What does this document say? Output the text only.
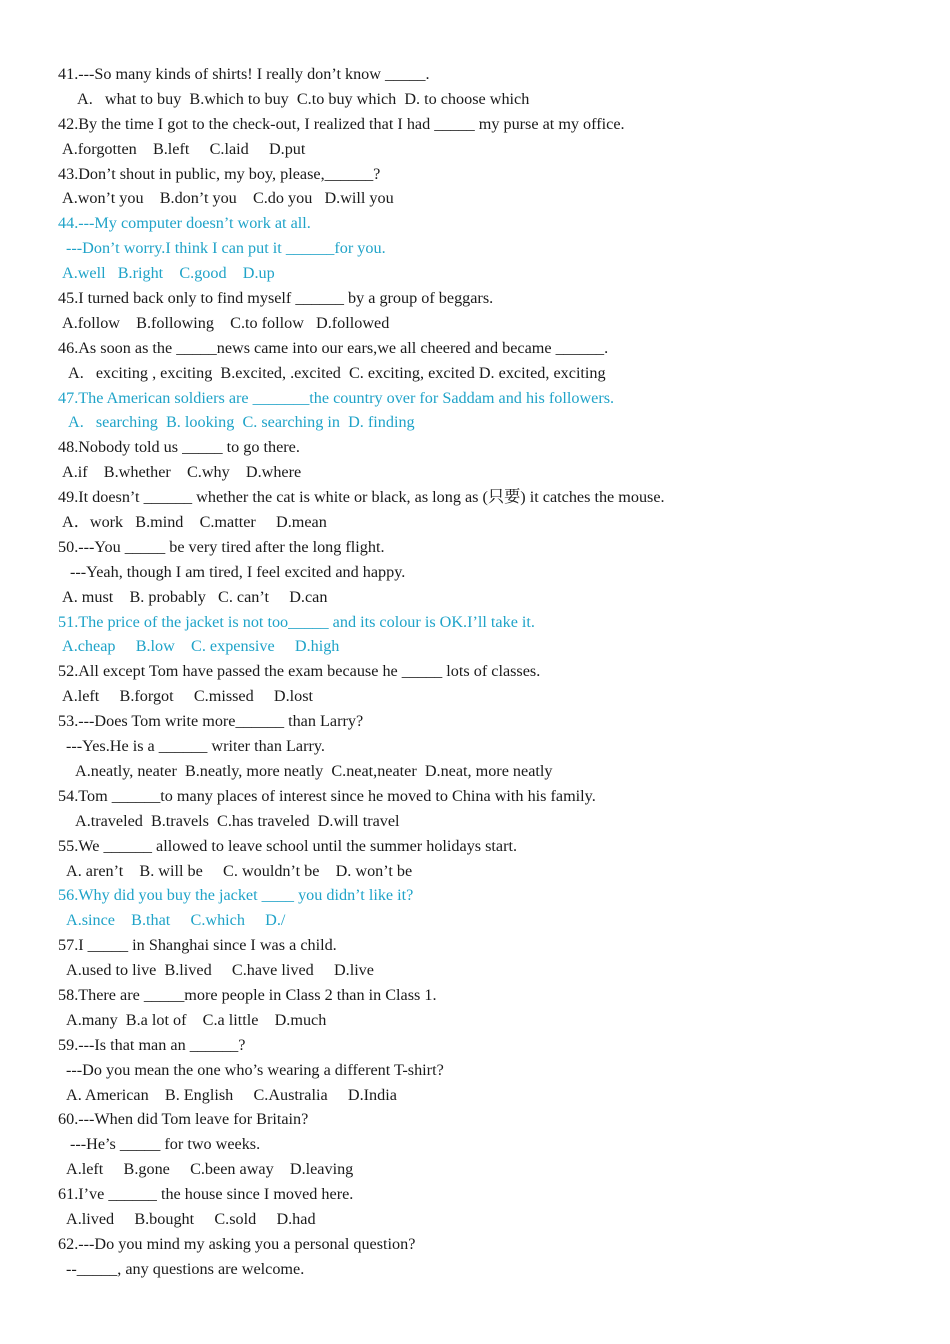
41.---So many kinds of shirts! I really don’t know _____.
A.   what to buy  B.which to buy  C.to buy which  D. to choose which
42.By the time I got to the check-out, I realized that I had _____ my purse at my office.
A.forgotten    B.left     C.laid     D.put
43.Don’t shout in public, my boy, please,______?
A.won’t you    B.don’t you    C.do you   D.will you
44.---My computer doesn’t work at all.
---Don’t worry.I think I can put it ______for you.
A.well   B.right    C.good    D.up
45.I turned back only to find myself ______ by a group of beggars.
A.follow    B.following    C.to follow   D.followed
46.As soon as the _____news came into our ears,we all cheered and became ______.
A.   exciting , exciting  B.excited, .excited  C. exciting, excited D. excited, exciting
47.The American soldiers are _______the country over for Saddam and his followers.
A.   searching  B. looking  C. searching in  D. finding
48.Nobody told us _____ to go there.
A.if    B.whether    C.why    D.where
49.It doesn’t ______ whether the cat is white or black, as long as (只要) it catches the mouse.
A．work   B.mind    C.matter     D.mean
50.---You _____ be very tired after the long flight.
---Yeah, though I am tired, I feel excited and happy.
A. must    B. probably   C. can’t     D.can
51.The price of the jacket is not too_____ and its colour is OK.I’ll take it.
A.cheap     B.low    C. expensive     D.high
52.All except Tom have passed the exam because he _____ lots of classes.
A.left     B.forgot     C.missed     D.lost
53.---Does Tom write more______ than Larry?
---Yes.He is a ______ writer than Larry.
A.neatly, neater  B.neatly, more neatly  C.neat,neater  D.neat, more neatly
54.Tom ______to many places of interest since he moved to China with his family.
A.traveled  B.travels  C.has traveled  D.will travel
55.We ______ allowed to leave school until the summer holidays start.
A. aren’t    B. will be     C. wouldn’t be    D. won’t be
56.Why did you buy the jacket ____ you didn’t like it?
A.since    B.that     C.which     D./
57.I _____ in Shanghai since I was a child.
A.used to live  B.lived     C.have lived     D.live
58.There are _____more people in Class 2 than in Class 1.
A.many  B.a lot of    C.a little    D.much
59.---Is that man an ______?
---Do you mean the one who’s wearing a different T-shirt?
A. American    B. English     C.Australia     D.India
60.---When did Tom leave for Britain?
---He’s _____ for two weeks.
A.left     B.gone     C.been away    D.leaving
61.I’ve ______ the house since I moved here.
A.lived     B.bought     C.sold     D.had
62.---Do you mind my asking you a personal question?
--_____, any questions are welcome.
